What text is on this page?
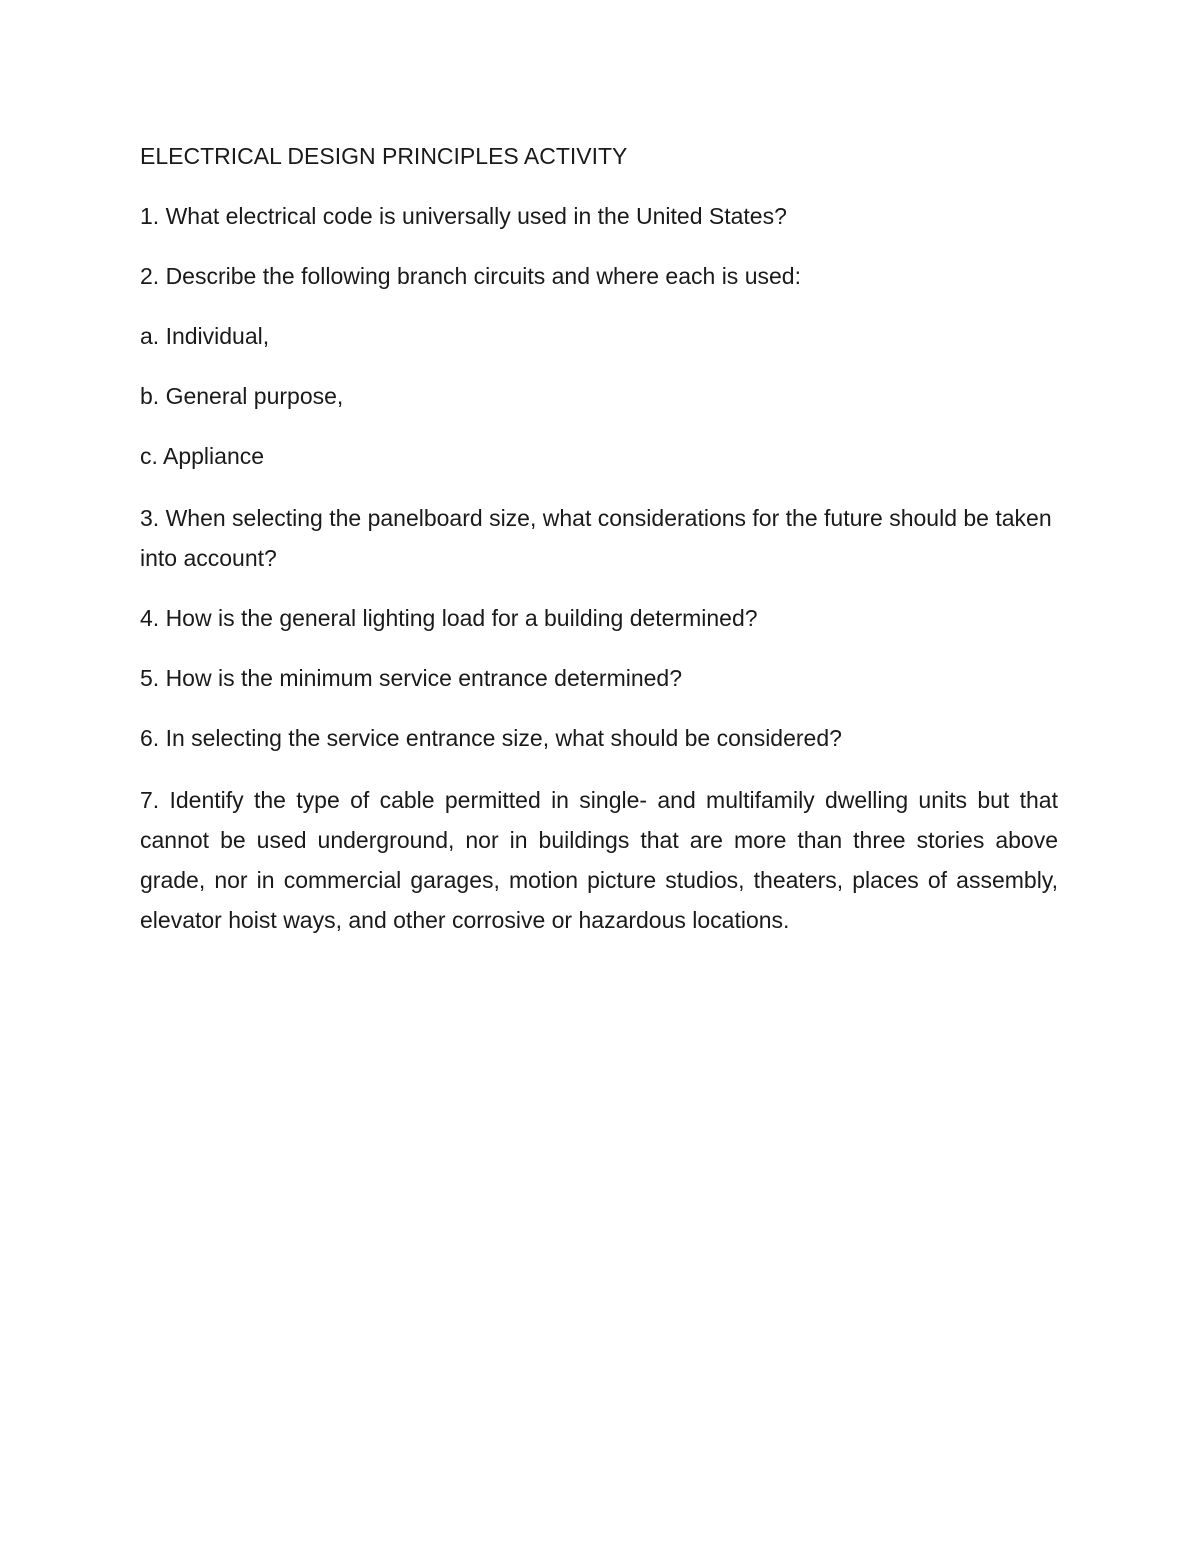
ELECTRICAL DESIGN PRINCIPLES ACTIVITY

1. What electrical code is universally used in the United States?

2. Describe the following branch circuits and where each is used:

a. Individual,

b. General purpose,

c. Appliance

3. When selecting the panelboard size, what considerations for the future should be taken into account?

4. How is the general lighting load for a building determined?

5. How is the minimum service entrance determined?

6. In selecting the service entrance size, what should be considered?

7. Identify the type of cable permitted in single- and multifamily dwelling units but that cannot be used underground, nor in buildings that are more than three stories above grade, nor in commercial garages, motion picture studios, theaters, places of assembly, elevator hoist ways, and other corrosive or hazardous locations.
